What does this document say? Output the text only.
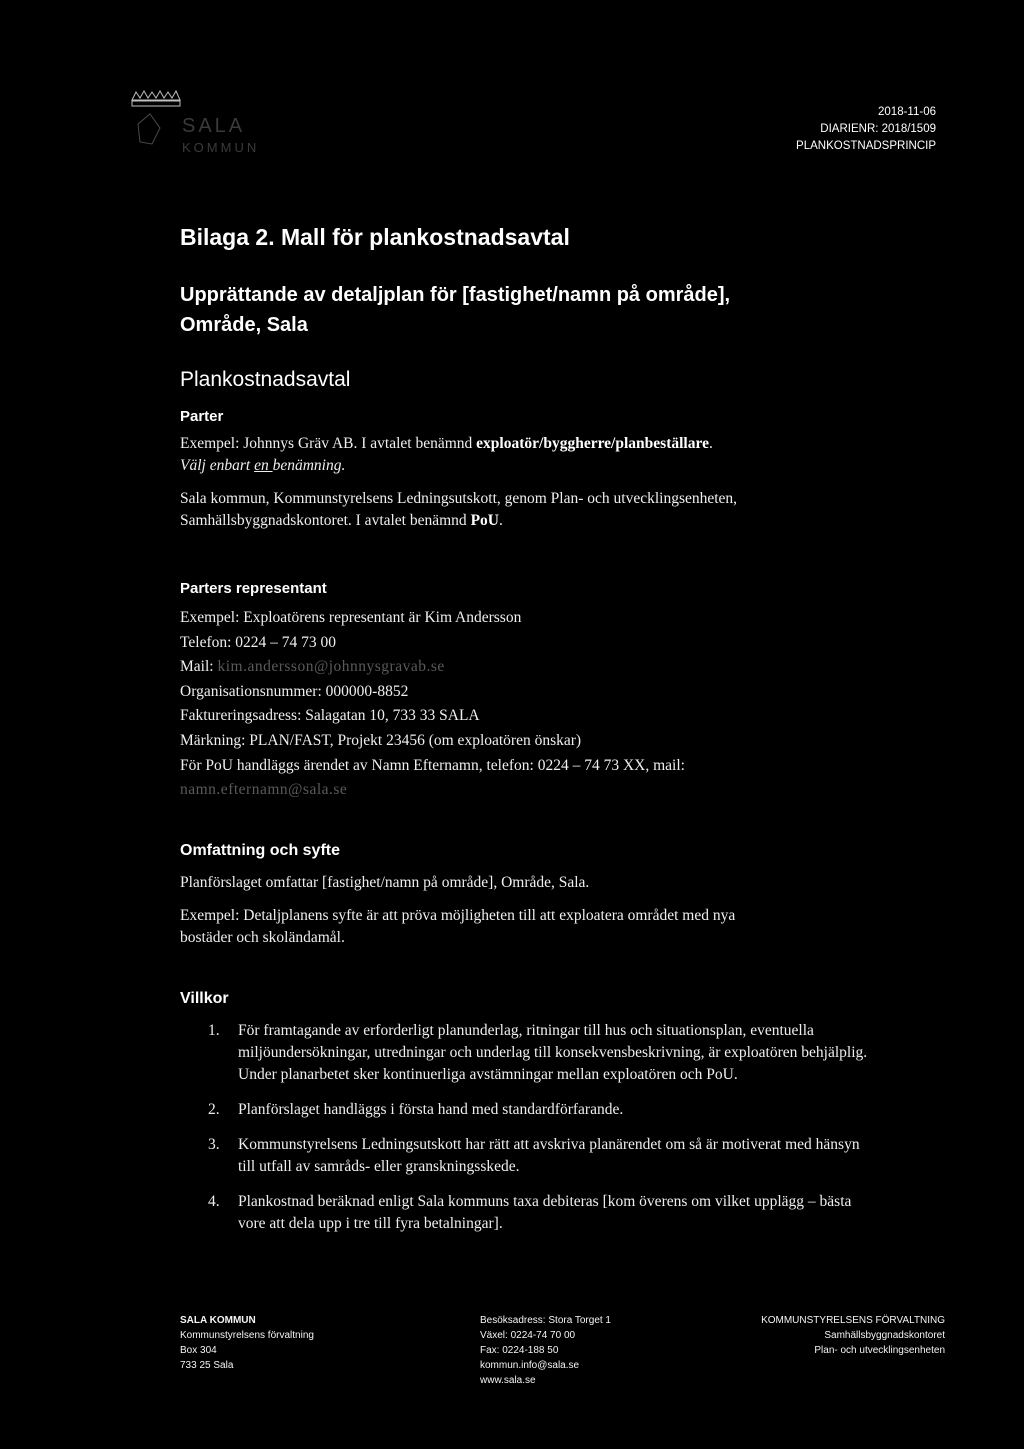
SALA
KOMMUN
2018-11-06
DIARIENR: 2018/1509
PLANKOSTNADSPRINCIP
Bilaga 2. Mall för plankostnadsavtal
Upprättande av detaljplan för [fastighet/namn på område],
Område, Sala
Plankostnadsavtal
Parter
Exempel: Johnnys Gräv AB. I avtalet benämnd exploatör/byggherre/planbeställare.
Välj enbart en benämning.
Sala kommun, Kommunstyrelsens Ledningsutskott, genom Plan- och utvecklingsenheten,
Samhällsbyggnadskontoret. I avtalet benämnd PoU.
Parters representant
Exempel: Exploatörens representant är Kim Andersson
Telefon: 0224 – 74 73 00
Mail: kim.andersson@johnnysgravab.se
Organisationsnummer: 000000-8852
Faktureringsadress: Salagatan 10, 733 33 SALA
Märkning: PLAN/FAST, Projekt 23456 (om exploatören önskar)
För PoU handläggs ärendet av Namn Efternamn, telefon: 0224 – 74 73 XX, mail:
namn.efternamn@sala.se
Omfattning och syfte
Planförslaget omfattar [fastighet/namn på område], Område, Sala.
Exempel: Detaljplanens syfte är att pröva möjligheten till att exploatera området med nya
bostäder och skoländamål.
Villkor
1. För framtagande av erforderligt planunderlag, ritningar till hus och situationsplan, eventuella miljöundersökningar, utredningar och underlag till konsekvensbeskrivning, är exploatören behjälplig. Under planarbetet sker kontinuerliga avstämningar mellan exploatören och PoU.
2. Planförslaget handläggs i första hand med standardförfarande.
3. Kommunstyrelsens Ledningsutskott har rätt att avskriva planärendet om så är motiverat med hänsyn till utfall av samråds- eller granskningsskede.
4. Plankostnad beräknad enligt Sala kommuns taxa debiteras [kom överens om vilket upplägg – bästa vore att dela upp i tre till fyra betalningar].
SALA KOMMUN
Kommunstyrelsens förvaltning
Box 304
733 25 Sala
Besöksadress: Stora Torget 1
Växel: 0224-74 70 00
Fax: 0224-188 50
kommun.info@sala.se
www.sala.se
KOMMUNSTYRELSENS FÖRVALTNING
Samhällsbyggnadskontoret
Plan- och utvecklingsenheten
